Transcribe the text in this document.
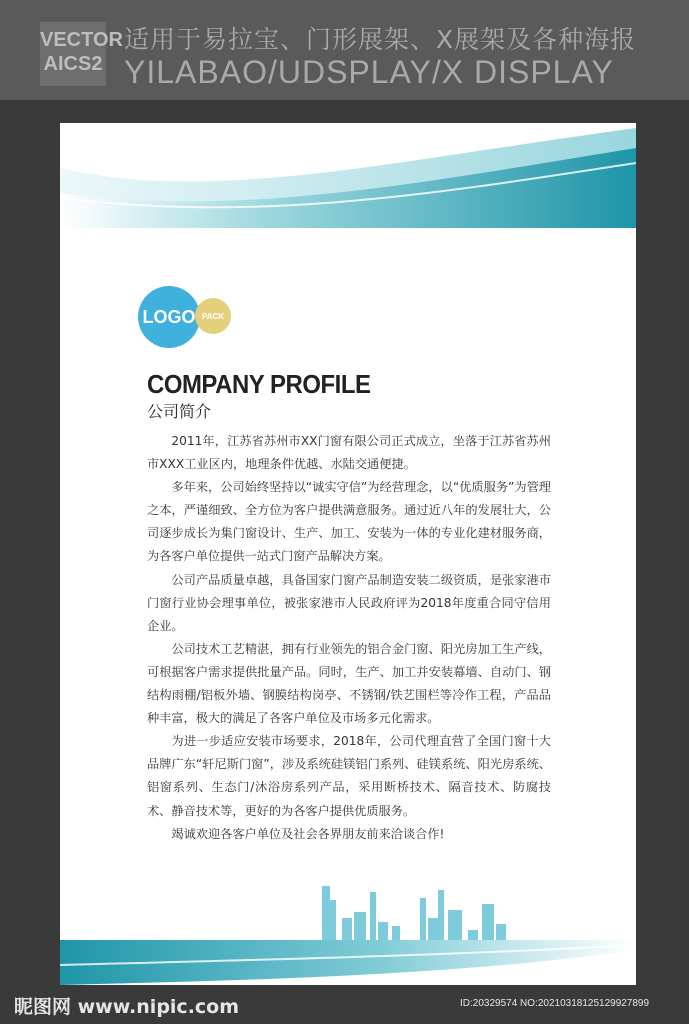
VECTOR
AICS2
适用于易拉宝、门形展架、X展架及各种海报
YILABAO/UDSPLAY/X DISPLAY
LOGO PACK
COMPANY PROFILE
公司简介

2011年，江苏省苏州市XX门窗有限公司正式成立，坐落于江苏省苏州市XXX工业区内，地理条件优越、水陆交通便捷。

多年来，公司始终坚持以“诚实守信”为经营理念，以“优质服务”为管理之本，严谨细致、全方位为客户提供满意服务。通过近八年的发展壮大，公司逐步成长为集门窗设计、生产、加工、安装为一体的专业化建材服务商，为各客户单位提供一站式门窗产品解决方案。

公司产品质量卓越，具备国家门窗产品制造安装二级资质，是张家港市门窗行业协会理事单位，被张家港市人民政府评为2018年度重合同守信用企业。

公司技术工艺精湛，拥有行业领先的铝合金门窗、阳光房加工生产线，可根据客户需求提供批量产品。同时，生产、加工并安装幕墙、自动门、钢结构雨棚/铝板外墙、钢膜结构岗亭、不锈钢/铁艺围栏等冷作工程，产品品种丰富，极大的满足了各客户单位及市场多元化需求。

为进一步适应安装市场要求，2018年，公司代理直营了全国门窗十大品牌广东“轩尼斯门窗”，涉及系统硅镁铝门系列、硅镁系统、阳光房系统、铝窗系列、生态门/沐浴房系列产品，采用断桥技术、隔音技术、防腐技术、静音技术等，更好的为各客户提供优质服务。

竭诚欢迎各客户单位及社会各界朋友前来洽谈合作!

昵图网 www.nipic.com	ID:20329574 NO:20210318125129927899
